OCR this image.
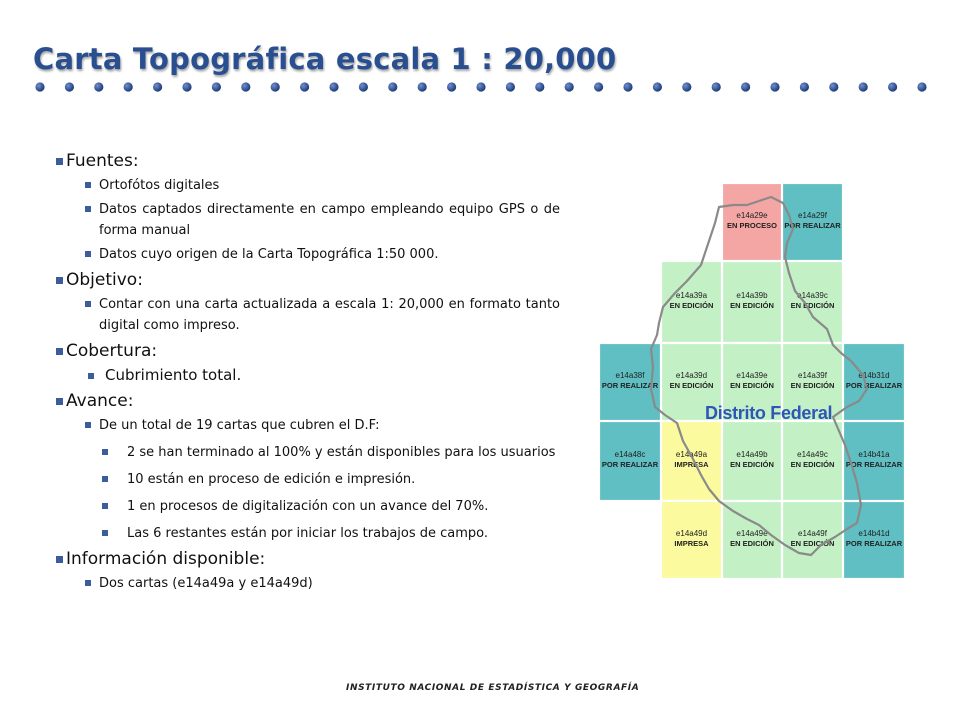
Carta Topográfica escala 1 : 20,000
Fuentes:
Ortofótos digitales
Datos captados directamente en campo empleando equipo GPS o de forma manual
Datos cuyo origen de la Carta Topográfica 1:50 000.
Objetivo:
Contar con una carta actualizada a escala 1: 20,000 en formato tanto digital como impreso.
Cobertura:
Cubrimiento total.
Avance:
De un total de 19 cartas que cubren el D.F:
2 se han terminado al 100% y están disponibles para los usuarios
10 están en proceso de edición e impresión.
1 en procesos de digitalización con un avance del 70%.
Las 6 restantes están por iniciar los trabajos de campo.
Información disponible:
Dos cartas (e14a49a y e14a49d)
e14a29e
EN PROCESO
e14a29f
POR REALIZAR
e14a39a
EN EDICIÓN
e14a39b
EN EDICIÓN
e14a39c
EN EDICIÓN
e14a38f
POR REALIZAR
e14a39d
EN EDICIÓN
e14a39e
EN EDICIÓN
e14a39f
EN EDICIÓN
e14b31d
POR REALIZAR
e14a48c
POR REALIZAR
e14a49a
IMPRESA
e14a49b
EN EDICIÓN
e14a49c
EN EDICIÓN
e14b41a
POR REALIZAR
e14a49d
IMPRESA
e14a49e
EN EDICIÓN
e14a49f
EN EDICIÓN
e14b41d
POR REALIZAR
Distrito Federal
INSTITUTO NACIONAL DE ESTADÍSTICA Y GEOGRAFÍA
